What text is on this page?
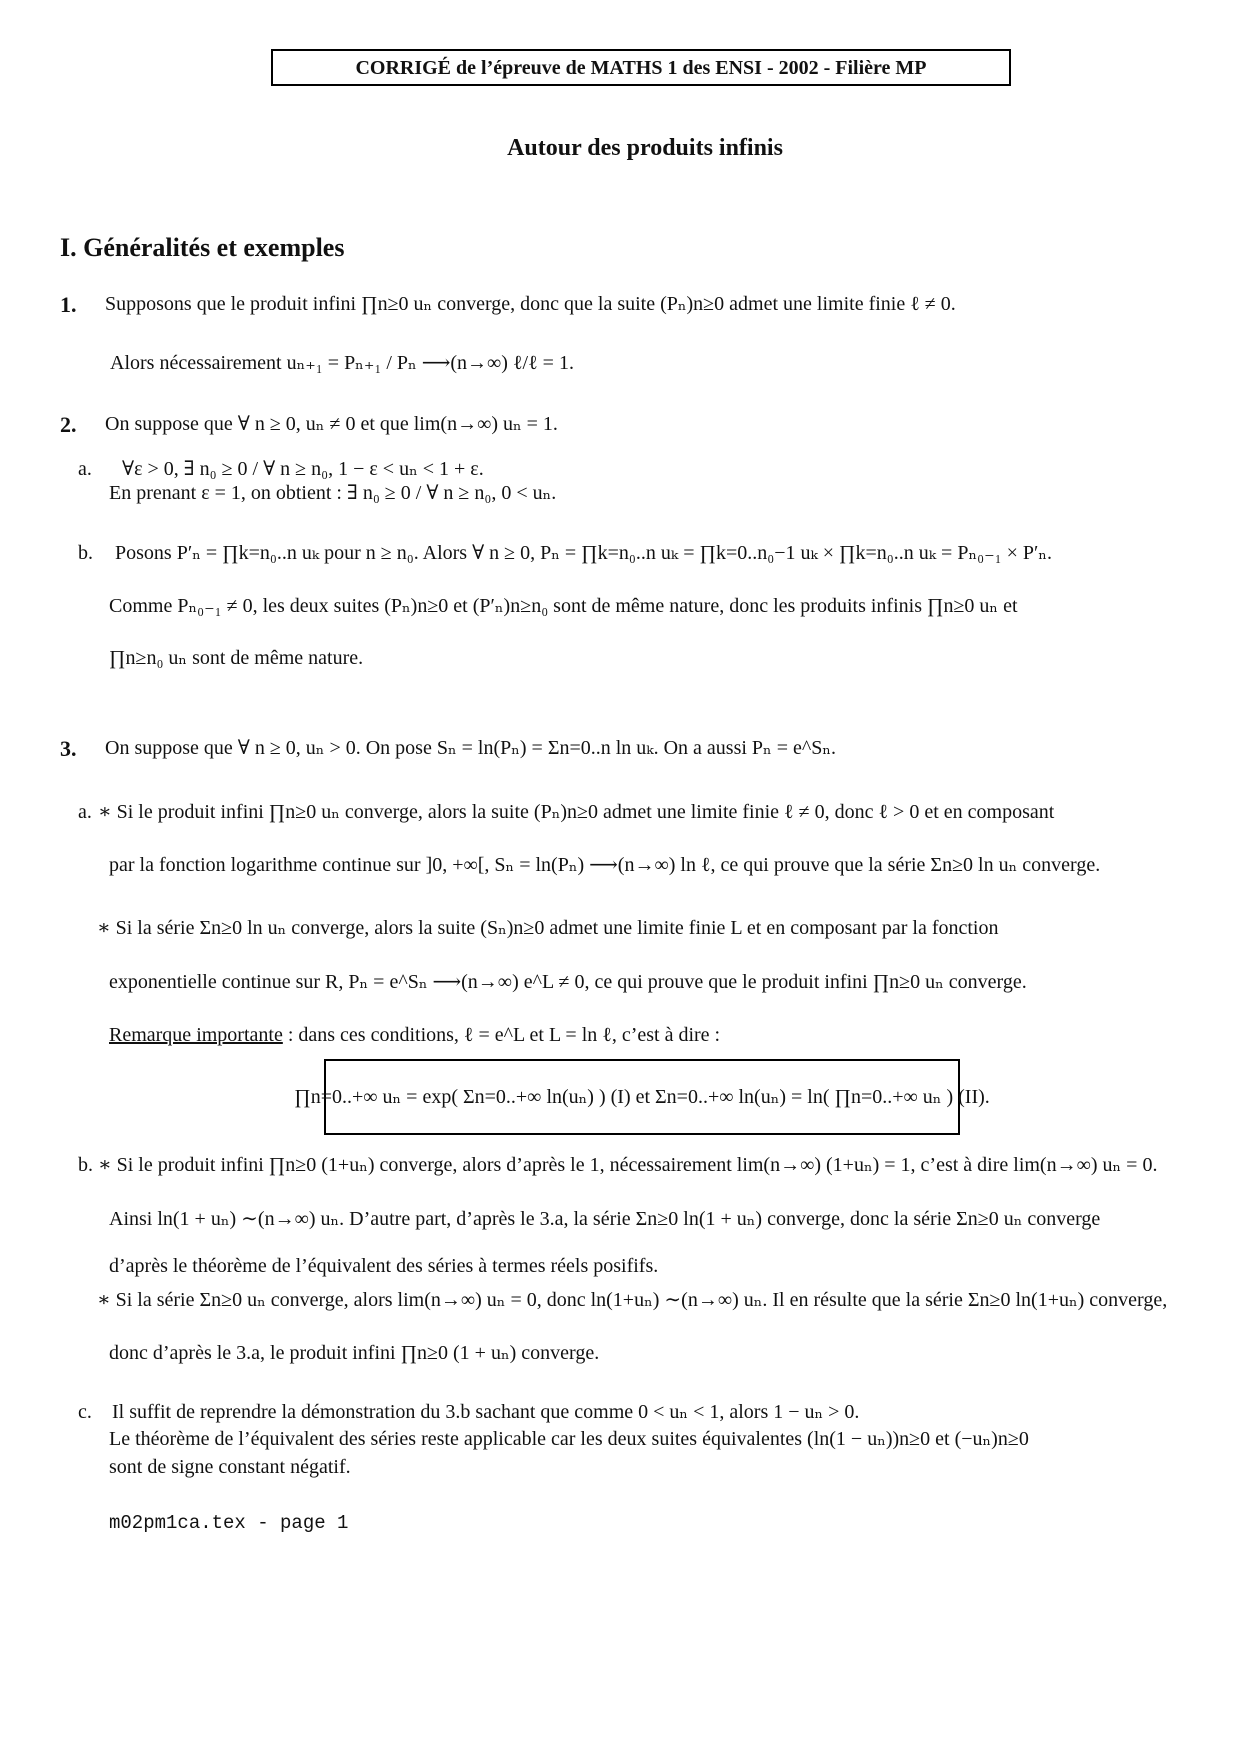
CORRIGÉ de l’épreuve de MATHS 1 des ENSI - 2002 - Filière MP
Autour des produits infinis
I. Généralités et exemples
1. Supposons que le produit infini ∏n≥0 uₙ converge, donc que la suite (Pₙ)n≥0 admet une limite finie ℓ ≠ 0.
Alors nécessairement uₙ₊₁ = Pₙ₊₁ / Pₙ ⟶(n→∞) ℓ/ℓ = 1.
2. On suppose que ∀ n ≥ 0, uₙ ≠ 0 et que lim(n→∞) uₙ = 1.
a. ∀ε > 0, ∃ n₀ ≥ 0 / ∀ n ≥ n₀, 1 − ε < uₙ < 1 + ε.
En prenant ε = 1, on obtient : ∃ n₀ ≥ 0 / ∀ n ≥ n₀, 0 < uₙ.
b. Posons P′ₙ = ∏k=n₀..n uₖ pour n ≥ n₀. Alors ∀ n ≥ 0, Pₙ = ∏k=n₀..n uₖ = ∏k=0..n₀−1 uₖ × ∏k=n₀..n uₖ = Pₙ₀₋₁ × P′ₙ.
Comme Pₙ₀₋₁ ≠ 0, les deux suites (Pₙ)n≥0 et (P′ₙ)n≥n₀ sont de même nature, donc les produits infinis ∏n≥0 uₙ et
∏n≥n₀ uₙ sont de même nature.
3. On suppose que ∀ n ≥ 0, uₙ > 0. On pose Sₙ = ln(Pₙ) = Σn=0..n ln uₖ. On a aussi Pₙ = e^Sₙ.
a. ∗ Si le produit infini ∏n≥0 uₙ converge, alors la suite (Pₙ)n≥0 admet une limite finie ℓ ≠ 0, donc ℓ > 0 et en composant
par la fonction logarithme continue sur ]0, +∞[, Sₙ = ln(Pₙ) ⟶(n→∞) ln ℓ, ce qui prouve que la série Σn≥0 ln uₙ converge.
∗ Si la série Σn≥0 ln uₙ converge, alors la suite (Sₙ)n≥0 admet une limite finie L et en composant par la fonction
exponentielle continue sur R, Pₙ = e^Sₙ ⟶(n→∞) e^L ≠ 0, ce qui prouve que le produit infini ∏n≥0 uₙ converge.
Remarque importante : dans ces conditions, ℓ = e^L et L = ln ℓ, c’est à dire :
∏n=0..+∞ uₙ = exp( Σn=0..+∞ ln(uₙ) ) (I) et Σn=0..+∞ ln(uₙ) = ln( ∏n=0..+∞ uₙ ) (II).
b. ∗ Si le produit infini ∏n≥0 (1+uₙ) converge, alors d’après le 1, nécessairement lim(n→∞) (1+uₙ) = 1, c’est à dire lim(n→∞) uₙ = 0.
Ainsi ln(1 + uₙ) ∼(n→∞) uₙ. D’autre part, d’après le 3.a, la série Σn≥0 ln(1 + uₙ) converge, donc la série Σn≥0 uₙ converge
d’après le théorème de l’équivalent des séries à termes réels posififs.
∗ Si la série Σn≥0 uₙ converge, alors lim(n→∞) uₙ = 0, donc ln(1+uₙ) ∼(n→∞) uₙ. Il en résulte que la série Σn≥0 ln(1+uₙ) converge,
donc d’après le 3.a, le produit infini ∏n≥0 (1 + uₙ) converge.
c. Il suffit de reprendre la démonstration du 3.b sachant que comme 0 < uₙ < 1, alors 1 − uₙ > 0.
Le théorème de l’équivalent des séries reste applicable car les deux suites équivalentes (ln(1 − uₙ))n≥0 et (−uₙ)n≥0
sont de signe constant négatif.
m02pm1ca.tex - page 1
